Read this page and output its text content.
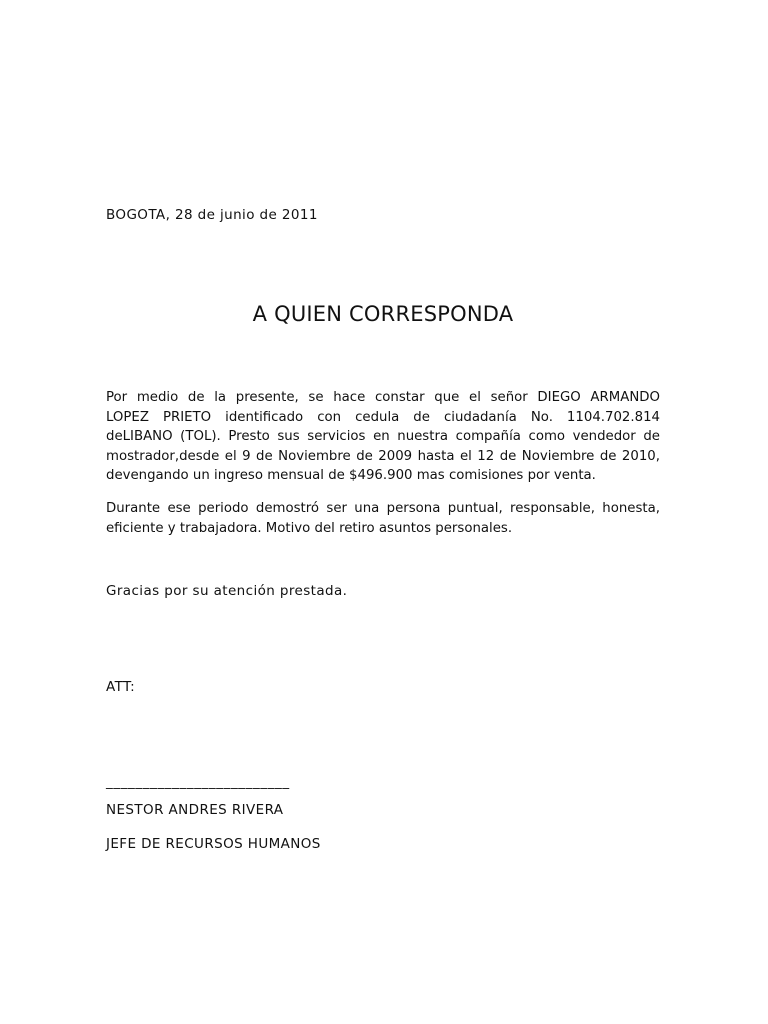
BOGOTA, 28 de junio de 2011

A QUIEN CORRESPONDA
Por medio de la presente, se hace constar que el señor DIEGO ARMANDO
LOPEZ PRIETO identificado con cedula de ciudadanía No. 1104.702.814
deLIBANO (TOL). Presto sus servicios en nuestra compañía como vendedor de
mostrador,desde el 9 de Noviembre de 2009 hasta el 12 de Noviembre de 2010,
devengando un ingreso mensual de $496.900 mas comisiones por venta.
Durante ese periodo demostró ser una persona puntual, responsable, honesta,
eficiente y trabajadora. Motivo del retiro asuntos personales.

Gracias por su atención prestada.

ATT:

_________________________

NESTOR ANDRES RIVERA

JEFE DE RECURSOS HUMANOS
